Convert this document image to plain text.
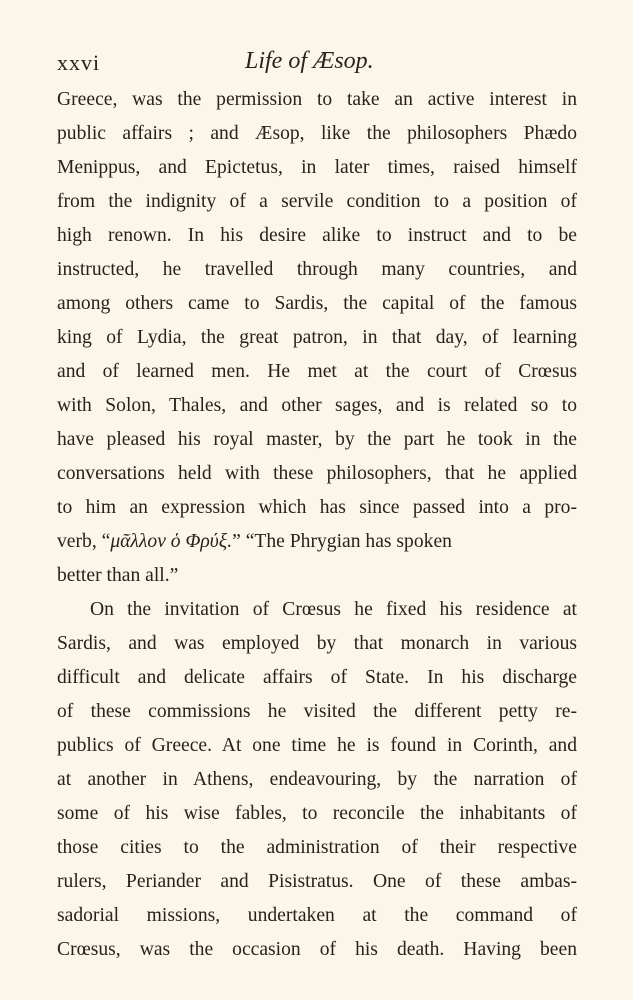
xxvi	Life of Æsop.
Greece, was the permission to take an active interest in
public affairs ; and Æsop, like the philosophers Phædo
Menippus, and Epictetus, in later times, raised himself
from the indignity of a servile condition to a position of
high renown. In his desire alike to instruct and to be
instructed, he travelled through many countries, and
among others came to Sardis, the capital of the famous
king of Lydia, the great patron, in that day, of learning
and of learned men. He met at the court of Crœsus
with Solon, Thales, and other sages, and is related so to
have pleased his royal master, by the part he took in the
conversations held with these philosophers, that he applied
to him an expression which has since passed into a pro-
verb, “μᾶλλον ὁ Φρύξ.” “The Phrygian has spoken
better than all.”
On the invitation of Crœsus he fixed his residence at
Sardis, and was employed by that monarch in various
difficult and delicate affairs of State. In his discharge
of these commissions he visited the different petty re-
publics of Greece. At one time he is found in Corinth, and
at another in Athens, endeavouring, by the narration of
some of his wise fables, to reconcile the inhabitants of
those cities to the administration of their respective
rulers, Periander and Pisistratus. One of these ambas-
sadorial missions, undertaken at the command of
Crœsus, was the occasion of his death. Having been
